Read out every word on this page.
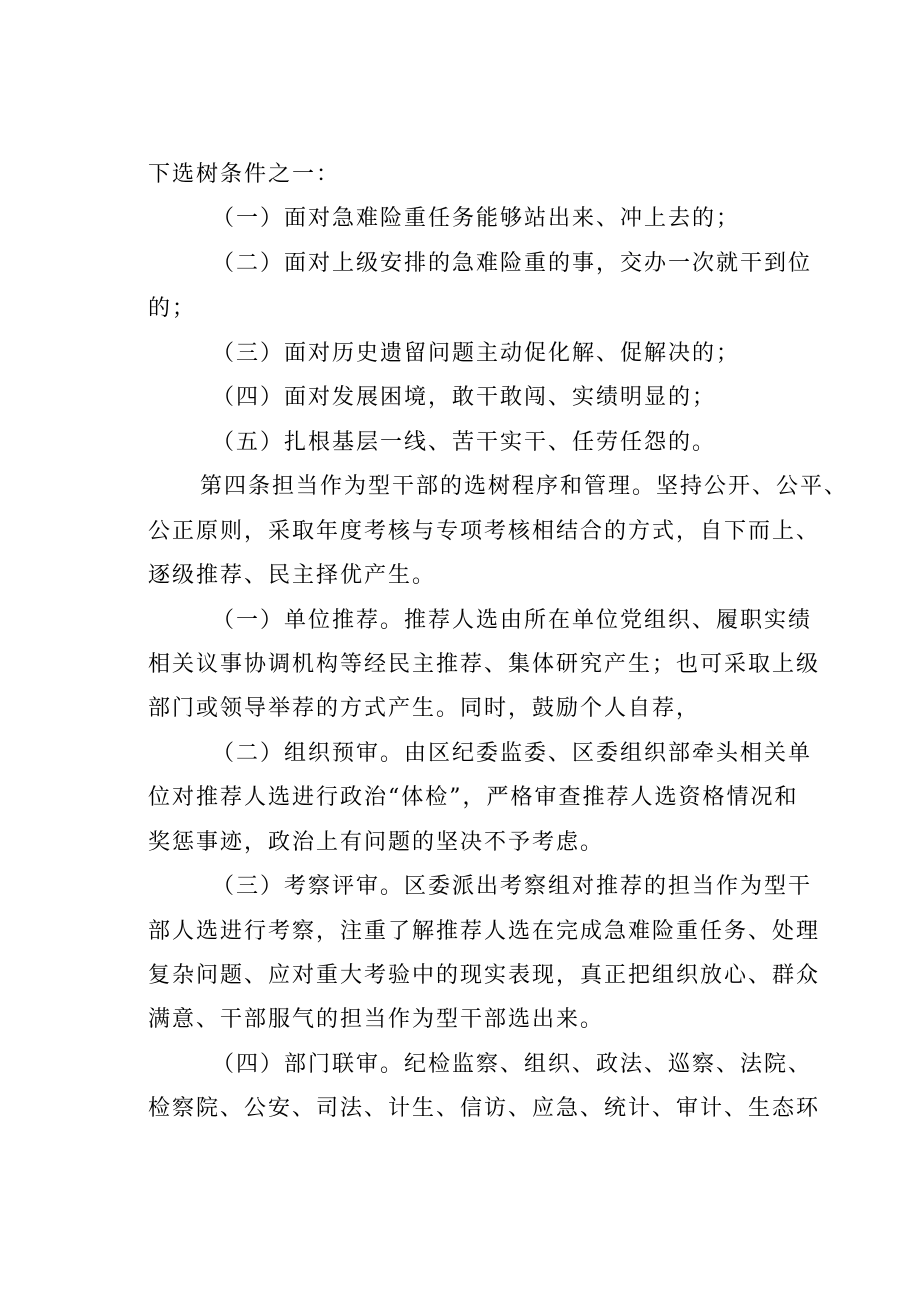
下选树条件之一：
（一）面对急难险重任务能够站出来、冲上去的；
（二）面对上级安排的急难险重的事，交办一次就干到位
的；
（三）面对历史遗留问题主动促化解、促解决的；
（四）面对发展困境，敢干敢闯、实绩明显的；
（五）扎根基层一线、苦干实干、任劳任怨的。
第四条担当作为型干部的选树程序和管理。坚持公开、公平、
公正原则，采取年度考核与专项考核相结合的方式，自下而上、
逐级推荐、民主择优产生。
（一）单位推荐。推荐人选由所在单位党组织、履职实绩
相关议事协调机构等经民主推荐、集体研究产生；也可采取上级
部门或领导举荐的方式产生。同时，鼓励个人自荐，
（二）组织预审。由区纪委监委、区委组织部牵头相关单
位对推荐人选进行政治“体检”，严格审查推荐人选资格情况和
奖惩事迹，政治上有问题的坚决不予考虑。
（三）考察评审。区委派出考察组对推荐的担当作为型干
部人选进行考察，注重了解推荐人选在完成急难险重任务、处理
复杂问题、应对重大考验中的现实表现，真正把组织放心、群众
满意、干部服气的担当作为型干部选出来。
（四）部门联审。纪检监察、组织、政法、巡察、法院、
检察院、公安、司法、计生、信访、应急、统计、审计、生态环
